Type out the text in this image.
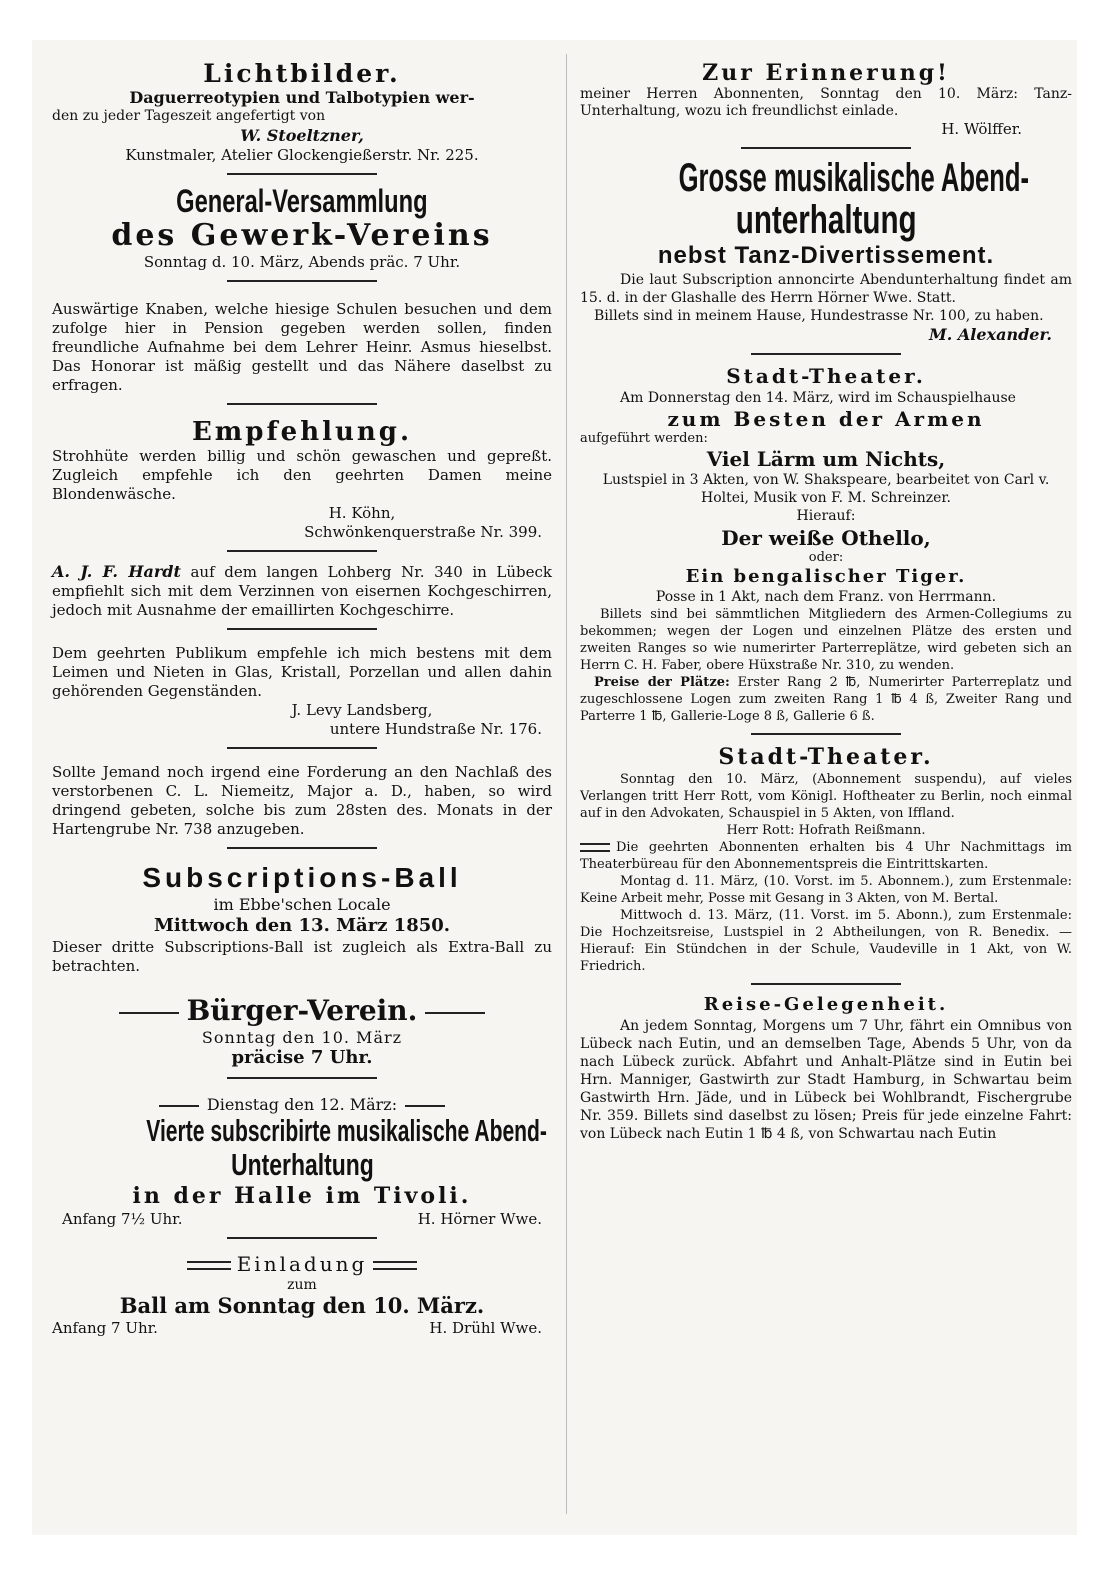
Lichtbilder.
Daguerreotypien und Talbotypien wer-
den zu jeder Tageszeit angefertigt von
W. Stoeltzner,
Kunstmaler, Atelier Glockengießerstr. Nr. 225.
General-Versammlung
des Gewerk-Vereins
Sonntag d. 10. März, Abends präc. 7 Uhr.
Auswärtige Knaben, welche hiesige Schulen besuchen und dem zufolge hier in Pension gegeben werden sollen, finden freundliche Aufnahme bei dem Lehrer Heinr. Asmus hieselbst. Das Honorar ist mäßig gestellt und das Nähere daselbst zu erfragen.
Empfehlung.
Strohhüte werden billig und schön gewaschen und gepreßt. Zugleich empfehle ich den geehrten Damen meine Blondenwäsche.
H. Köhn,
Schwönkenquerstraße Nr. 399.

A. J. F. Hardt auf dem langen Lohberg Nr. 340 in Lübeck empfiehlt sich mit dem Verzinnen von eisernen Kochgeschirren, jedoch mit Ausnahme der emaillirten Kochgeschirre.

Dem geehrten Publikum empfehle ich mich bestens mit dem Leimen und Nieten in Glas, Kristall, Porzellan und allen dahin gehörenden Gegenständen.
J. Levy Landsberg,
untere Hundstraße Nr. 176.
Sollte Jemand noch irgend eine Forderung an den Nachlaß des verstorbenen C. L. Niemeitz, Major a. D., haben, so wird dringend gebeten, solche bis zum 28sten des. Monats in der Hartengrube Nr. 738 anzugeben.
Subscriptions-Ball
im Ebbe'schen Locale
Mittwoch den 13. März 1850.
Dieser dritte Subscriptions-Ball ist zugleich als Extra-Ball zu betrachten.
Bürger-Verein.
Sonntag den 10. März
präcise 7 Uhr.
Dienstag den 12. März:
Vierte subscribirte musikalische Abend-
Unterhaltung
in der Halle im Tivoli.
Anfang 7½ Uhr.	H. Hörner Wwe.
Einladung
zum
Ball am Sonntag den 10. März.
Anfang 7 Uhr.	H. Drühl Wwe.
Zur Erinnerung!
meiner Herren Abonnenten, Sonntag den 10. März: Tanz-Unterhaltung, wozu ich freundlichst einlade.
H. Wölffer.
Grosse musikalische Abend-
unterhaltung
nebst Tanz-Divertissement.
Die laut Subscription annoncirte Abendunterhaltung findet am 15. d. in der Glashalle des Herrn Hörner Wwe. Statt.
Billets sind in meinem Hause, Hundestrasse Nr. 100, zu haben.
M. Alexander.
Stadt-Theater.
Am Donnerstag den 14. März, wird im Schauspielhause
zum Besten der Armen
aufgeführt werden:
Viel Lärm um Nichts,
Lustspiel in 3 Akten, von W. Shakspeare, bearbeitet von Carl v. Holtei, Musik von F. M. Schreinzer.
Hierauf:
Der weiße Othello,
oder:
Ein bengalischer Tiger.
Posse in 1 Akt, nach dem Franz. von Herrmann.
Billets sind bei sämmtlichen Mitgliedern des Armen-Collegiums zu bekommen; wegen der Logen und einzelnen Plätze des ersten und zweiten Ranges so wie numerirter Parterreplätze, wird gebeten sich an Herrn C. H. Faber, obere Hüxstraße Nr. 310, zu wenden.

Preise der Plätze: Erster Rang 2 ℔, Numerirter Parterreplatz und zugeschlossene Logen zum zweiten Rang 1 ℔ 4 ß, Zweiter Rang und Parterre 1 ℔, Gallerie-Loge 8 ß, Gallerie 6 ß.

Stadt-Theater.
Sonntag den 10. März, (Abonnement suspendu), auf vieles Verlangen tritt Herr Rott, vom Königl. Hoftheater zu Berlin, noch einmal auf in den Advokaten, Schauspiel in 5 Akten, von Iffland.
Herr Rott: Hofrath Reißmann.
Die geehrten Abonnenten erhalten bis 4 Uhr Nachmittags im Theaterbüreau für den Abonnementspreis die Eintrittskarten.
Montag d. 11. März, (10. Vorst. im 5. Abonnem.), zum Erstenmale: Keine Arbeit mehr, Posse mit Gesang in 3 Akten, von M. Bertal.
Mittwoch d. 13. März, (11. Vorst. im 5. Abonn.), zum Erstenmale: Die Hochzeitsreise, Lustspiel in 2 Abtheilungen, von R. Benedix. — Hierauf: Ein Stündchen in der Schule, Vaudeville in 1 Akt, von W. Friedrich.
Reise-Gelegenheit.
An jedem Sonntag, Morgens um 7 Uhr, fährt ein Omnibus von Lübeck nach Eutin, und an demselben Tage, Abends 5 Uhr, von da nach Lübeck zurück. Abfahrt und Anhalt-Plätze sind in Eutin bei Hrn. Manniger, Gastwirth zur Stadt Hamburg, in Schwartau beim Gastwirth Hrn. Jäde, und in Lübeck bei Wohlbrandt, Fischergrube Nr. 359. Billets sind daselbst zu lösen; Preis für jede einzelne Fahrt: von Lübeck nach Eutin 1 ℔ 4 ß, von Schwartau nach Eutin
